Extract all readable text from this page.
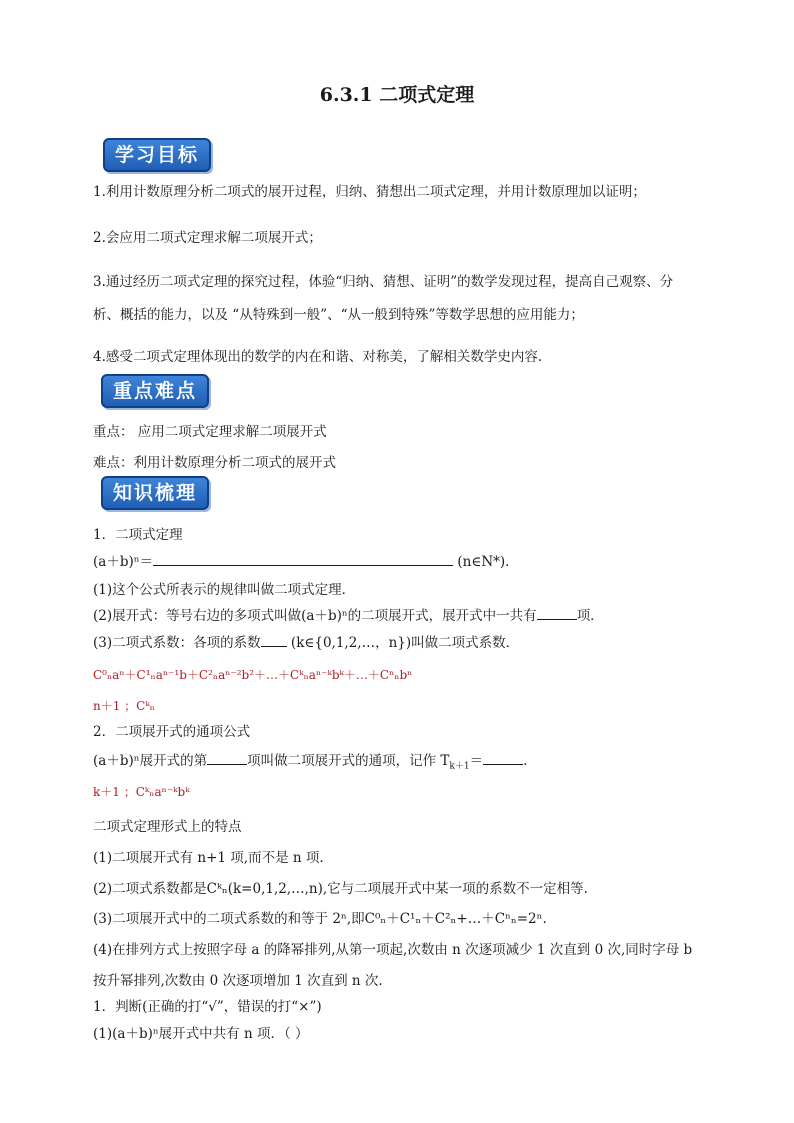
6.3.1 二项式定理
学习目标
1.利用计数原理分析二项式的展开过程，归纳、猜想出二项式定理，并用计数原理加以证明；
2.会应用二项式定理求解二项展开式；
3.通过经历二项式定理的探究过程，体验“归纳、猜想、证明”的数学发现过程，提高自己观察、分
析、概括的能力，以及 “从特殊到一般”、“从一般到特殊”等数学思想的应用能力；
4.感受二项式定理体现出的数学的内在和谐、对称美，了解相关数学史内容.
重点难点
重点： 应用二项式定理求解二项展开式
难点：利用计数原理分析二项式的展开式
知识梳理
1．二项式定理
(a＋b)ⁿ＝	(n∈N*)．
(1)这个公式所表示的规律叫做二项式定理．
(2)展开式：等号右边的多项式叫做(a＋b)ⁿ的二项展开式，展开式中一共有	项．
(3)二项式系数：各项的系数 (k∈{0,1,2,…，n})叫做二项式系数．
C⁰ₙaⁿ＋C¹ₙaⁿ⁻¹b＋C²ₙaⁿ⁻²b²＋…＋Cᵏₙaⁿ⁻ᵏbᵏ＋…＋Cⁿₙbⁿ
n＋1 ；Cᵏₙ
2．二项展开式的通项公式
(a＋b)ⁿ展开式的第	项叫做二项展开式的通项，记作 $T_{k+1}=$	.
k＋1 ；Cᵏₙaⁿ⁻ᵏbᵏ
二项式定理形式上的特点
(1)二项展开式有 n+1 项,而不是 n 项.
(2)二项式系数都是Cᵏₙ(k=0,1,2,…,n),它与二项展开式中某一项的系数不一定相等.
(3)二项展开式中的二项式系数的和等于 2ⁿ,即C⁰ₙ＋C¹ₙ＋C²ₙ+…＋Cⁿₙ=2ⁿ.
(4)在排列方式上按照字母 a 的降幂排列,从第一项起,次数由 n 次逐项减少 1 次直到 0 次,同时字母 b
按升幂排列,次数由 0 次逐项增加 1 次直到 n 次.
1．判断(正确的打“√”，错误的打“×”)
(1)(a＋b)ⁿ展开式中共有 n 项．（ ）
